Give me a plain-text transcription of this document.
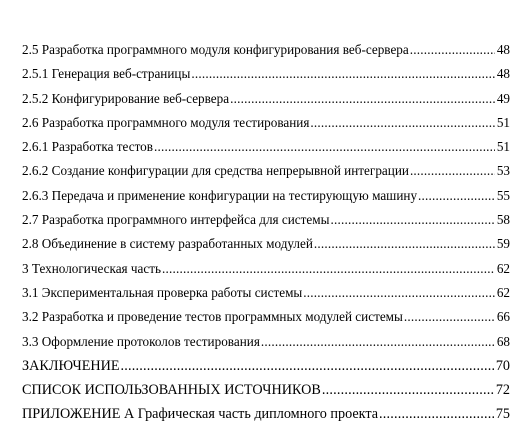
2.5 Разработка программного модуля конфигурирования веб-сервера .....	48
2.5.1 Генерация веб-страницы .....	48
2.5.2 Конфигурирование веб-сервера .....	49
2.6 Разработка программного модуля тестирования .....	51
2.6.1 Разработка тестов .....	51
2.6.2 Создание конфигурации для средства непрерывной интеграции .....	53
2.6.3 Передача и применение конфигурации на тестирующую машину .....	55
2.7 Разработка программного интерфейса для системы .....	58
2.8 Объединение в систему разработанных модулей .....	59
3 Технологическая часть .....	62
3.1 Экспериментальная проверка работы системы .....	62
3.2 Разработка и проведение тестов программных модулей системы .....	66
3.3 Оформление протоколов тестирования .....	68
ЗАКЛЮЧЕНИЕ .....	70
СПИСОК ИСПОЛЬЗОВАННЫХ ИСТОЧНИКОВ .....	72
ПРИЛОЖЕНИЕ А Графическая часть дипломного проекта .....	75
